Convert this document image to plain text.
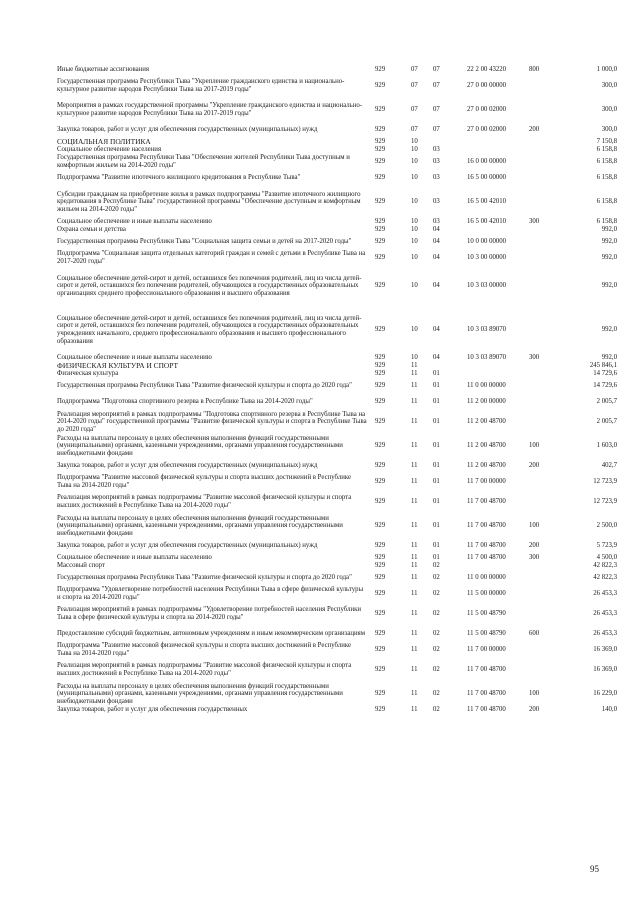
Иные бюджетные ассигнования	929	07	07	22 2 00 43220	800	1 000,0
Государственная программа Республики Тыва "Укрепление гражданского единства и национально-культурное развитие народов Республики Тыва на 2017-2019 годы"	929	07	07	27 0 00 00000		300,0
Мероприятия в рамках государственной программы "Укрепление гражданского единства и национально-культурное развитие народов Республики Тыва на 2017-2019 годы"	929	07	07	27 0 00 02000		300,0
Закупка товаров, работ и услуг для обеспечения государственных (муниципальных) нужд	929	07	07	27 0 00 02000	200	300,0
СОЦИАЛЬНАЯ ПОЛИТИКА	929	10				7 150,8
Социальное обеспечение населения	929	10	03			6 158,8
Государственная программа Республики Тыва "Обеспечение жителей Республики Тыва доступным и комфортным жильем на 2014-2020 годы"	929	10	03	16 0 00 00000		6 158,8
Подпрограмма "Развитие ипотечного жилищного кредитования в Республике Тыва"	929	10	03	16 5 00 00000		6 158,8
Субсидии гражданам на приобретение жилья в рамках подпрограммы "Развитие ипотечного жилищного кредитования в Республике Тыва" государственной программы "Обеспечение доступным и комфортным жильем на 2014-2020 годы"	929	10	03	16 5 00 42010		6 158,8
Социальное обеспечение и иные выплаты населению	929	10	03	16 5 00 42010	300	6 158,8
Охрана семьи и детства	929	10	04			992,0
Государственная программа Республики Тыва "Социальная защита семьи и детей на 2017-2020 годы"	929	10	04	10 0 00 00000		992,0
Подпрограмма "Социальная защита отдельных категорий граждан и семей с детьми в Республике Тыва на 2017-2020 годы"	929	10	04	10 3 00 00000		992,0
Социальное обеспечение детей-сирот и детей, оставшихся без попечения родителей, лиц из числа детей-сирот и детей, оставшихся без попечения родителей, обучающихся в государственных образовательных организациях среднего профессионального образования и высшего образования	929	10	04	10 3 03 00000		992,0
Социальное обеспечение детей-сирот и детей, оставшихся без попечения родителей, лиц из числа детей-сирот и детей, оставшихся без попечения родителей, обучающихся в государственных образовательных учреждениях начального, среднего профессионального образования и высшего профессионального образования	929	10	04	10 3 03 89070		992,0
Социальное обеспечение и иные выплаты населению	929	10	04	10 3 03 89070	300	992,0
ФИЗИЧЕСКАЯ КУЛЬТУРА И СПОРТ	929	11				245 846,1
Физическая культура	929	11	01			14 729,6
Государственная программа Республики Тыва "Развитие физической культуры и спорта до 2020 года"	929	11	01	11 0 00 00000		14 729,6
Подпрограмма "Подготовка спортивного резерва в Республике Тыва на 2014-2020 годы"	929	11	01	11 2 00 00000		2 005,7
Реализация мероприятий в рамках подпрограммы "Подготовка спортивного резерва в Республике Тыва на 2014-2020 годы" государственной программы "Развитие физической культуры и спорта в Республике Тыва до 2020 года"	929	11	01	11 2 00 48700		2 005,7
Расходы на выплаты персоналу в целях обеспечения выполнения функций государственными (муниципальными) органами, казенными учреждениями, органами управления государственными внебюджетными фондами	929	11	01	11 2 00 48700	100	1 603,0
Закупка товаров, работ и услуг для обеспечения государственных (муниципальных) нужд	929	11	01	11 2 00 48700	200	402,7
Подпрограмма "Развитие массовой физической культуры и спорта высших достижений в Республике Тыва на 2014-2020 годы"	929	11	01	11 7 00 00000		12 723,9
Реализация мероприятий в рамках подпрограммы "Развитие массовой физической культуры и спорта высших достижений в Республике Тыва на 2014-2020 годы"	929	11	01	11 7 00 48700		12 723,9
Расходы на выплаты персоналу в целях обеспечения выполнения функций государственными (муниципальными) органами, казенными учреждениями, органами управления государственными внебюджетными фондами	929	11	01	11 7 00 48700	100	2 500,0
Закупка товаров, работ и услуг для обеспечения государственных (муниципальных) нужд	929	11	01	11 7 00 48700	200	5 723,9
Социальное обеспечение и иные выплаты населению	929	11	01	11 7 00 48700	300	4 500,0
Массовый спорт	929	11	02			42 822,3
Государственная программа Республики Тыва "Развитие физической культуры и спорта до 2020 года"	929	11	02	11 0 00 00000		42 822,3
Подпрограмма "Удовлетворение потребностей населения Республики Тыва в сфере физической культуры и спорта на 2014-2020 годы"	929	11	02	11 5 00 00000		26 453,3
Реализация мероприятий в рамках подпрограммы "Удовлетворение потребностей населения Республики Тыва в сфере физической культуры и спорта на 2014-2020 годы"	929	11	02	11 5 00 48790		26 453,3
Предоставление субсидий бюджетным, автономным учреждениям и иным некоммерческим организациям	929	11	02	11 5 00 48790	600	26 453,3
Подпрограмма "Развитие массовой физической культуры и спорта высших достижений в Республике Тыва на 2014-2020 годы"	929	11	02	11 7 00 00000		16 369,0
Реализация мероприятий в рамках подпрограммы "Развитие массовой физической культуры и спорта высших достижений в Республике Тыва на 2014-2020 годы"	929	11	02	11 7 00 48700		16 369,0
Расходы на выплаты персоналу в целях обеспечения выполнения функций государственными (муниципальными) органами, казенными учреждениями, органами управления государственными внебюджетными фондами	929	11	02	11 7 00 48700	100	16 229,0
Закупка товаров, работ и услуг для обеспечения государственных	929	11	02	11 7 00 48700	200	140,0
95
